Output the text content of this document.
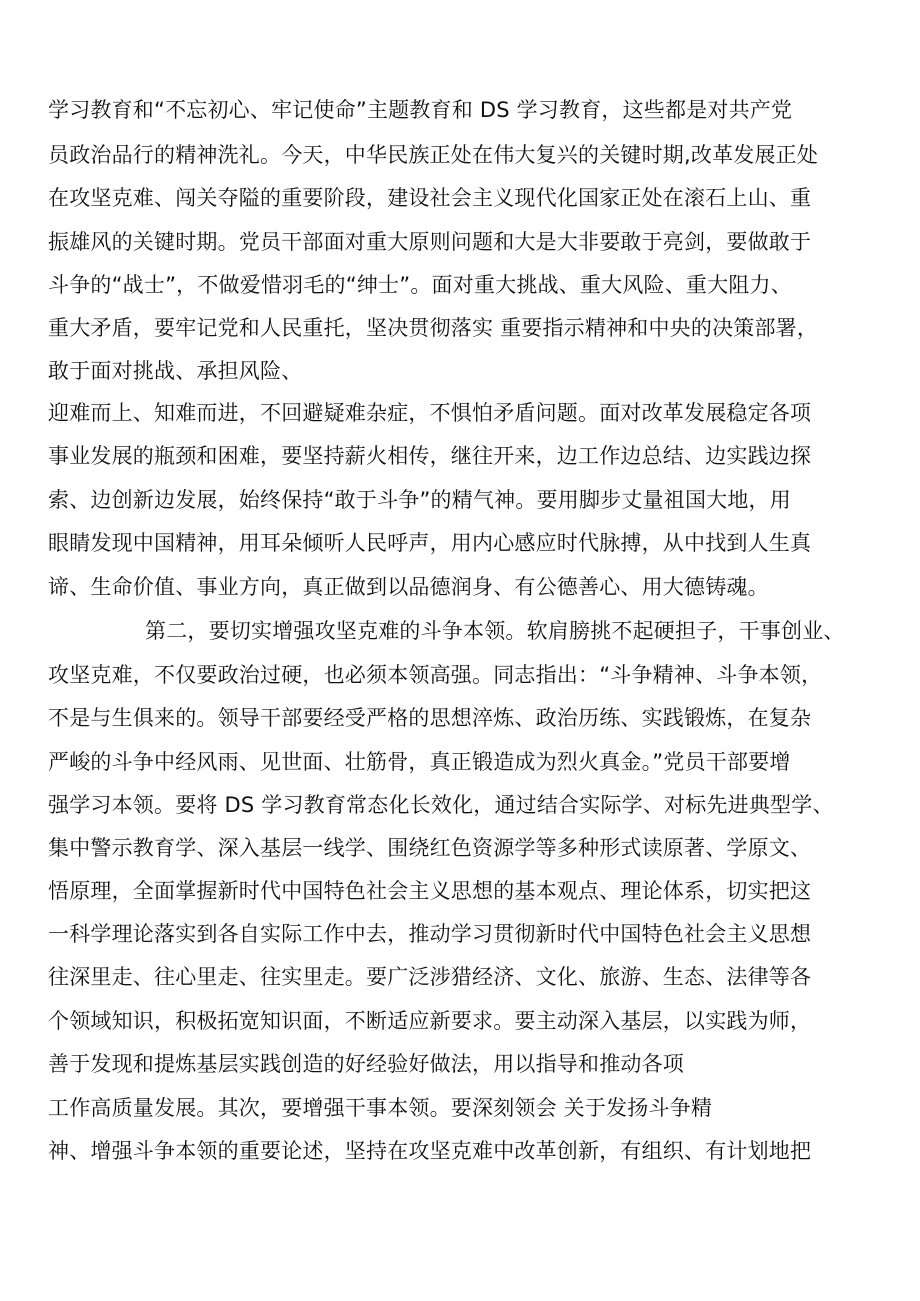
学习教育和“不忘初心、牢记使命”主题教育和 DS 学习教育，这些都是对共产党
员政治品行的精神洗礼。今天，中华民族正处在伟大复兴的关键时期,改革发展正处
在攻坚克难、闯关夺隘的重要阶段，建设社会主义现代化国家正处在滚石上山、重
振雄风的关键时期。党员干部面对重大原则问题和大是大非要敢于亮剑，要做敢于
斗争的“战士”，不做爱惜羽毛的“绅士”。面对重大挑战、重大风险、重大阻力、
重大矛盾，要牢记党和人民重托，坚决贯彻落实 重要指示精神和中央的决策部署，
敢于面对挑战、承担风险、
迎难而上、知难而进，不回避疑难杂症，不惧怕矛盾问题。面对改革发展稳定各项
事业发展的瓶颈和困难，要坚持薪火相传，继往开来，边工作边总结、边实践边探
索、边创新边发展，始终保持“敢于斗争”的精气神。要用脚步丈量祖国大地，用
眼睛发现中国精神，用耳朵倾听人民呼声，用内心感应时代脉搏，从中找到人生真
谛、生命价值、事业方向，真正做到以品德润身、有公德善心、用大德铸魂。
第二，要切实增强攻坚克难的斗争本领。软肩膀挑不起硬担子，干事创业、
攻坚克难，不仅要政治过硬，也必须本领高强。同志指出：“斗争精神、斗争本领，
不是与生俱来的。领导干部要经受严格的思想淬炼、政治历练、实践锻炼，在复杂
严峻的斗争中经风雨、见世面、壮筋骨，真正锻造成为烈火真金。”党员干部要增
强学习本领。要将 DS 学习教育常态化长效化，通过结合实际学、对标先进典型学、
集中警示教育学、深入基层一线学、围绕红色资源学等多种形式读原著、学原文、
悟原理，全面掌握新时代中国特色社会主义思想的基本观点、理论体系，切实把这
一科学理论落实到各自实际工作中去，推动学习贯彻新时代中国特色社会主义思想
往深里走、往心里走、往实里走。要广泛涉猎经济、文化、旅游、生态、法律等各
个领域知识，积极拓宽知识面，不断适应新要求。要主动深入基层，以实践为师，
善于发现和提炼基层实践创造的好经验好做法，用以指导和推动各项
工作高质量发展。其次，要增强干事本领。要深刻领会 关于发扬斗争精
神、增强斗争本领的重要论述，坚持在攻坚克难中改革创新，有组织、有计划地把
